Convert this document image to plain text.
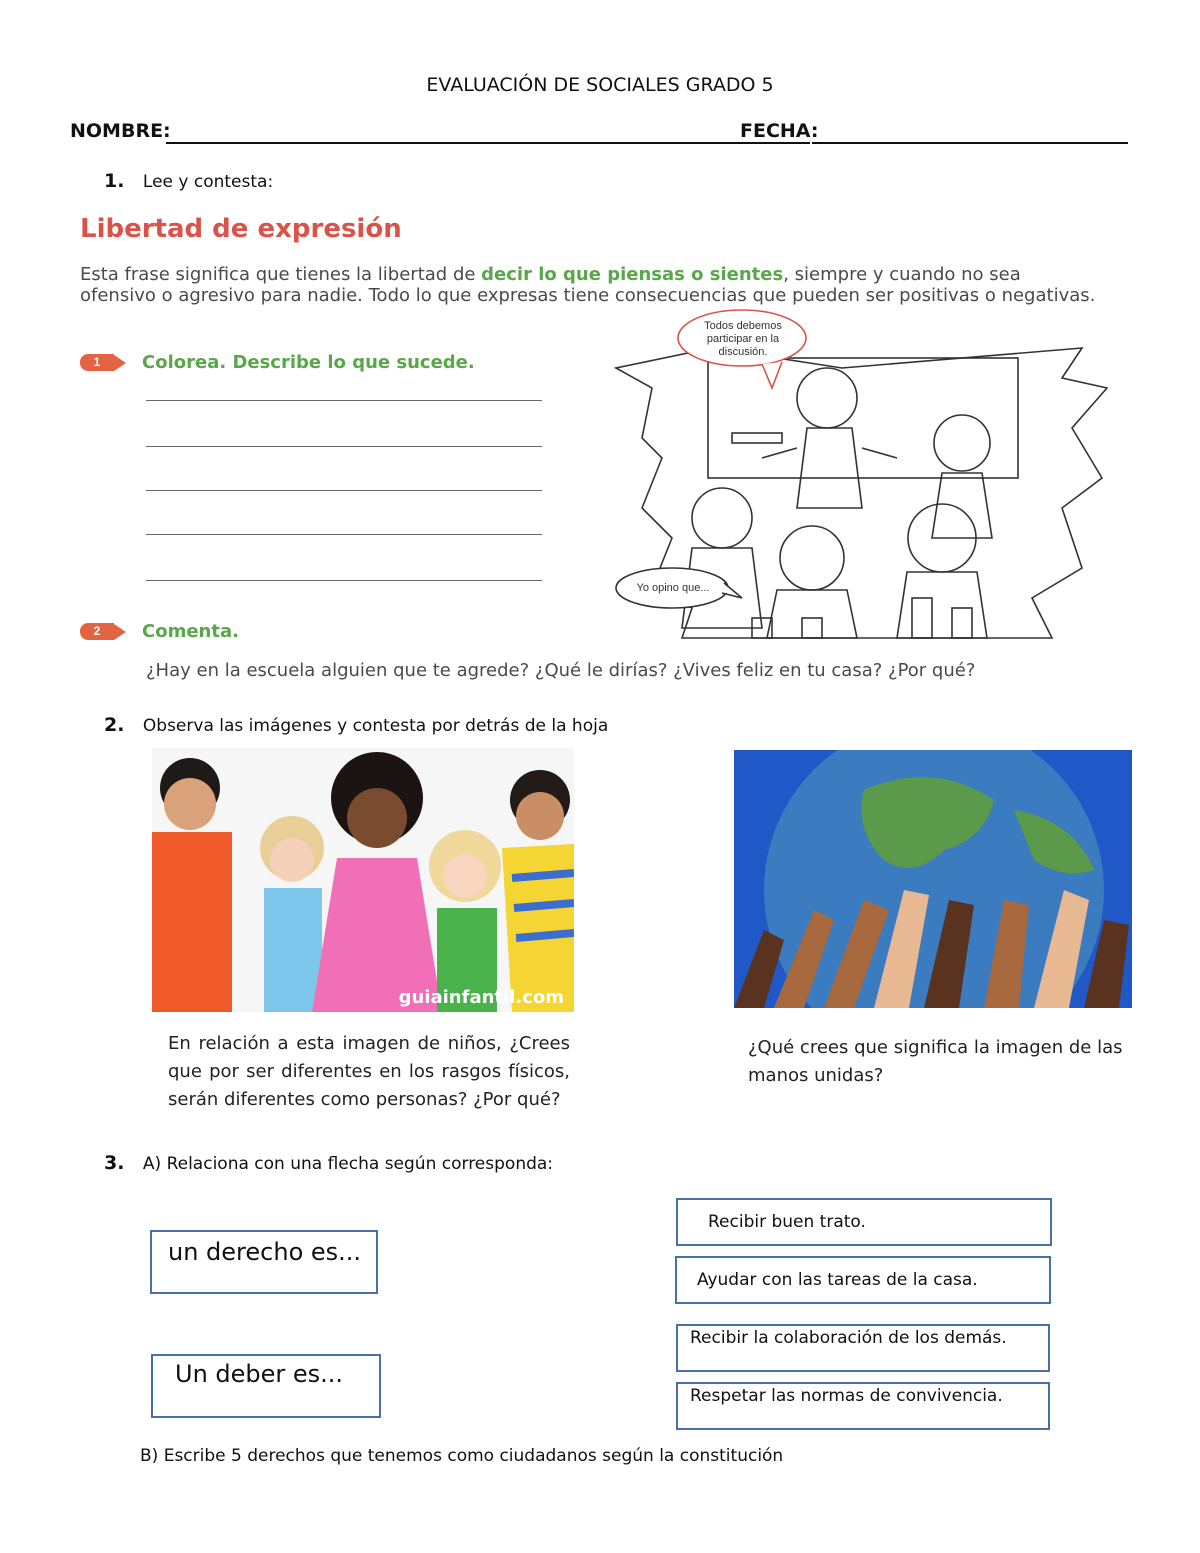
EVALUACIÓN DE SOCIALES GRADO 5
NOMBRE:	FECHA:
1. Lee y contesta:
Libertad de expresión
Esta frase significa que tienes la libertad de decir lo que piensas o sientes, siempre y cuando no sea ofensivo o agresivo para nadie. Todo lo que expresas tiene consecuencias que pueden ser positivas o negativas.
1	Colorea. Describe lo que sucede.
Todos debemos participar en la discusión.
Yo opino que...
2	Comenta.
¿Hay en la escuela alguien que te agrede? ¿Qué le dirías? ¿Vives feliz en tu casa? ¿Por qué?
2. Observa las imágenes y contesta por detrás de la hoja
guiainfantil.com
En relación a esta imagen de niños, ¿Crees que por ser diferentes en los rasgos físicos, serán diferentes como personas? ¿Por qué?
¿Qué crees que significa la imagen de las manos unidas?
3. A) Relaciona con una flecha según corresponda:
un derecho es...
Un deber es...
Recibir buen trato.
Ayudar con las tareas de la casa.
Recibir la colaboración de los demás.
Respetar las normas de convivencia.
B) Escribe 5 derechos que tenemos como ciudadanos según la constitución
